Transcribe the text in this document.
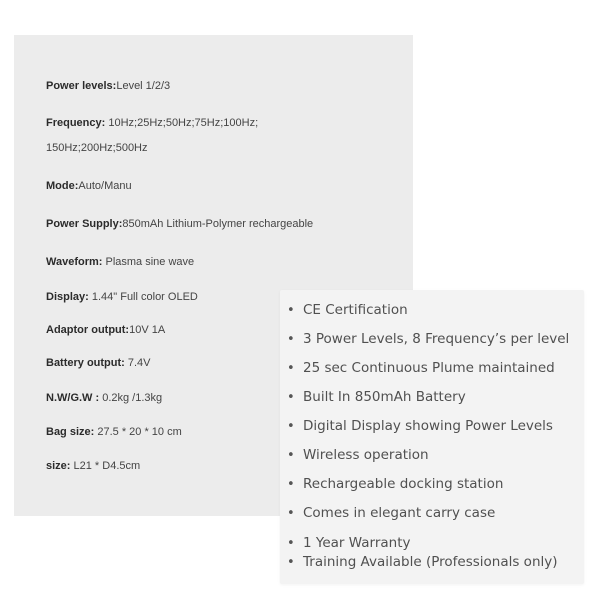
Power levels:Level 1/2/3
Frequency: 10Hz;25Hz;50Hz;75Hz;100Hz;
150Hz;200Hz;500Hz
Mode:Auto/Manu
Power Supply:850mAh Lithium-Polymer rechargeable
Waveform: Plasma sine wave
Display: 1.44" Full color OLED
Adaptor output:10V 1A
Battery output: 7.4V
N.W/G.W : 0.2kg /1.3kg
Bag size: 27.5 * 20 * 10 cm
size: L21 * D4.5cm
• CE Certification
• 3 Power Levels, 8 Frequency’s per level
• 25 sec Continuous Plume maintained
• Built In 850mAh Battery
• Digital Display showing Power Levels
• Wireless operation
• Rechargeable docking station
• Comes in elegant carry case
• 1 Year Warranty
• Training Available (Professionals only)
